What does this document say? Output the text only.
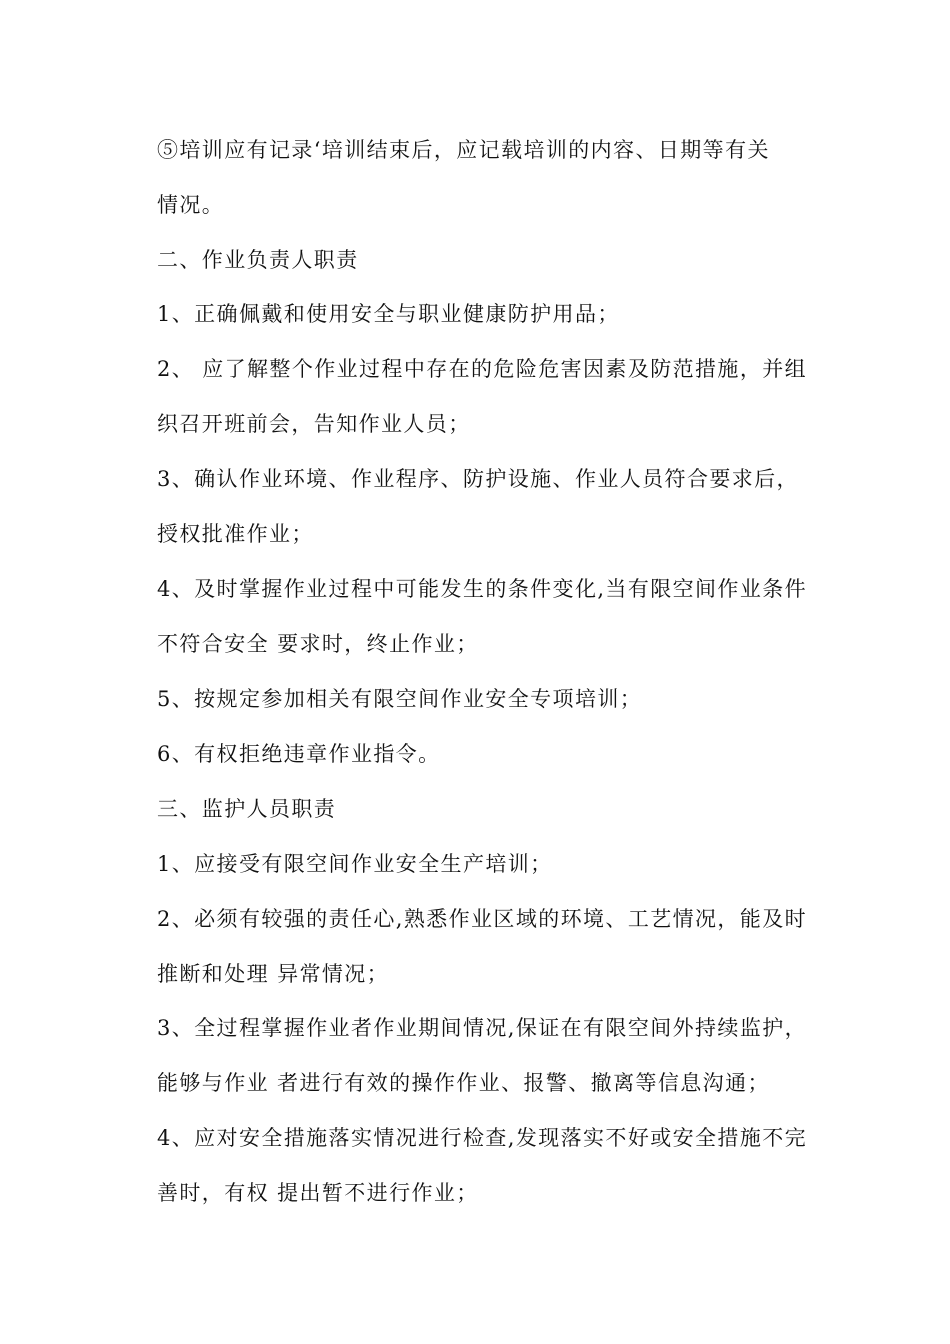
⑤培训应有记录‘培训结束后，应记载培训的内容、日期等有关
情况。
二、作业负责人职责
1、正确佩戴和使用安全与职业健康防护用品；
2、 应了解整个作业过程中存在的危险危害因素及防范措施，并组
织召开班前会，告知作业人员；
3、确认作业环境、作业程序、防护设施、作业人员符合要求后，
授权批准作业；
4、及时掌握作业过程中可能发生的条件变化,当有限空间作业条件
不符合安全 要求时，终止作业；
5、按规定参加相关有限空间作业安全专项培训；
6、有权拒绝违章作业指令。
三、监护人员职责
1、应接受有限空间作业安全生产培训；
2、必须有较强的责任心,熟悉作业区域的环境、工艺情况，能及时
推断和处理 异常情况；
3、全过程掌握作业者作业期间情况,保证在有限空间外持续监护，
能够与作业 者进行有效的操作作业、报警、撤离等信息沟通；
4、应对安全措施落实情况进行检查,发现落实不好或安全措施不完
善时，有权 提出暂不进行作业；
